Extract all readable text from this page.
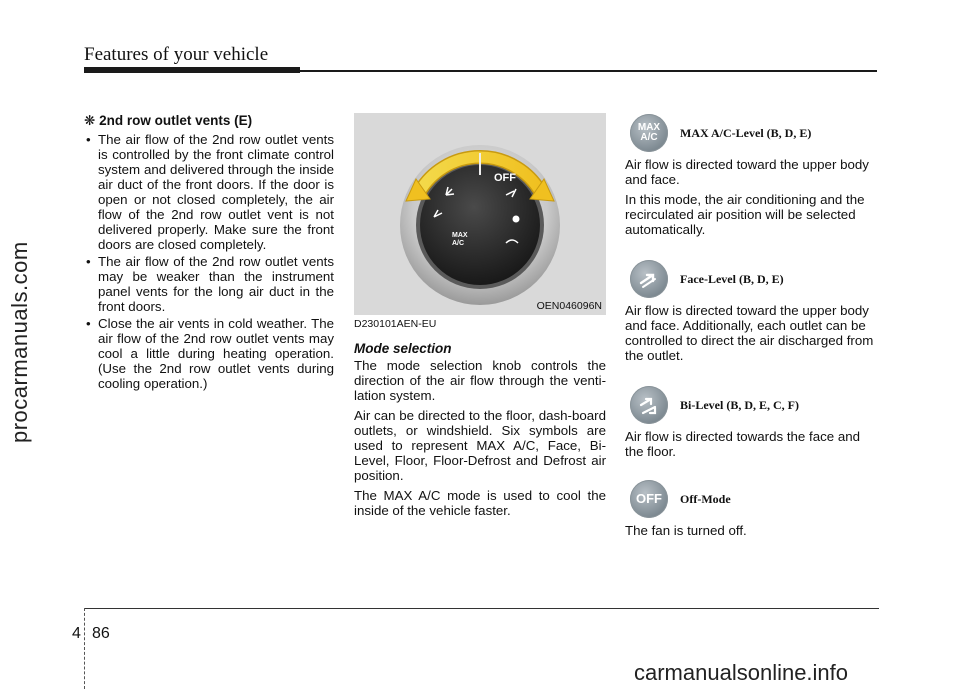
Features of your vehicle
procarmanuals.com
❋ 2nd row outlet vents (E)
• The air flow of the 2nd row outlet vents is controlled by the front climate control system and delivered through the inside air duct of the front doors. If the door is open or not closed completely, the air flow of the 2nd row outlet vent is not delivered properly. Make sure the front doors are closed completely.
• The air flow of the 2nd row outlet vents may be weaker than the instrument panel vents for the long air duct in the front doors.
• Close the air vents in cold weather. The air flow of the 2nd row outlet vents may cool a little during heating operation. (Use the 2nd row outlet vents during cooling operation.)
OFF
MAX
A/C
OEN046096N
D230101AEN-EU
Mode selection

The mode selection knob controls the direction of the air flow through the venti-lation system.

Air can be directed to the floor, dash-board outlets, or windshield. Six symbols are used to represent MAX A/C, Face, Bi-Level, Floor, Floor-Defrost and Defrost air position.

The MAX A/C mode is used to cool the inside of the vehicle faster.

MAX
A/C MAX A/C-Level (B, D, E)

Air flow is directed toward the upper body and face.

In this mode, the air conditioning and the recirculated air position will be selected automatically.

Face-Level (B, D, E)

Air flow is directed toward the upper body and face. Additionally, each outlet can be controlled to direct the air discharged from the outlet.

Bi-Level (B, D, E, C, F)

Air flow is directed towards the face and the floor.

OFF Off-Mode

The fan is turned off.

4 86
carmanualsonline.info
